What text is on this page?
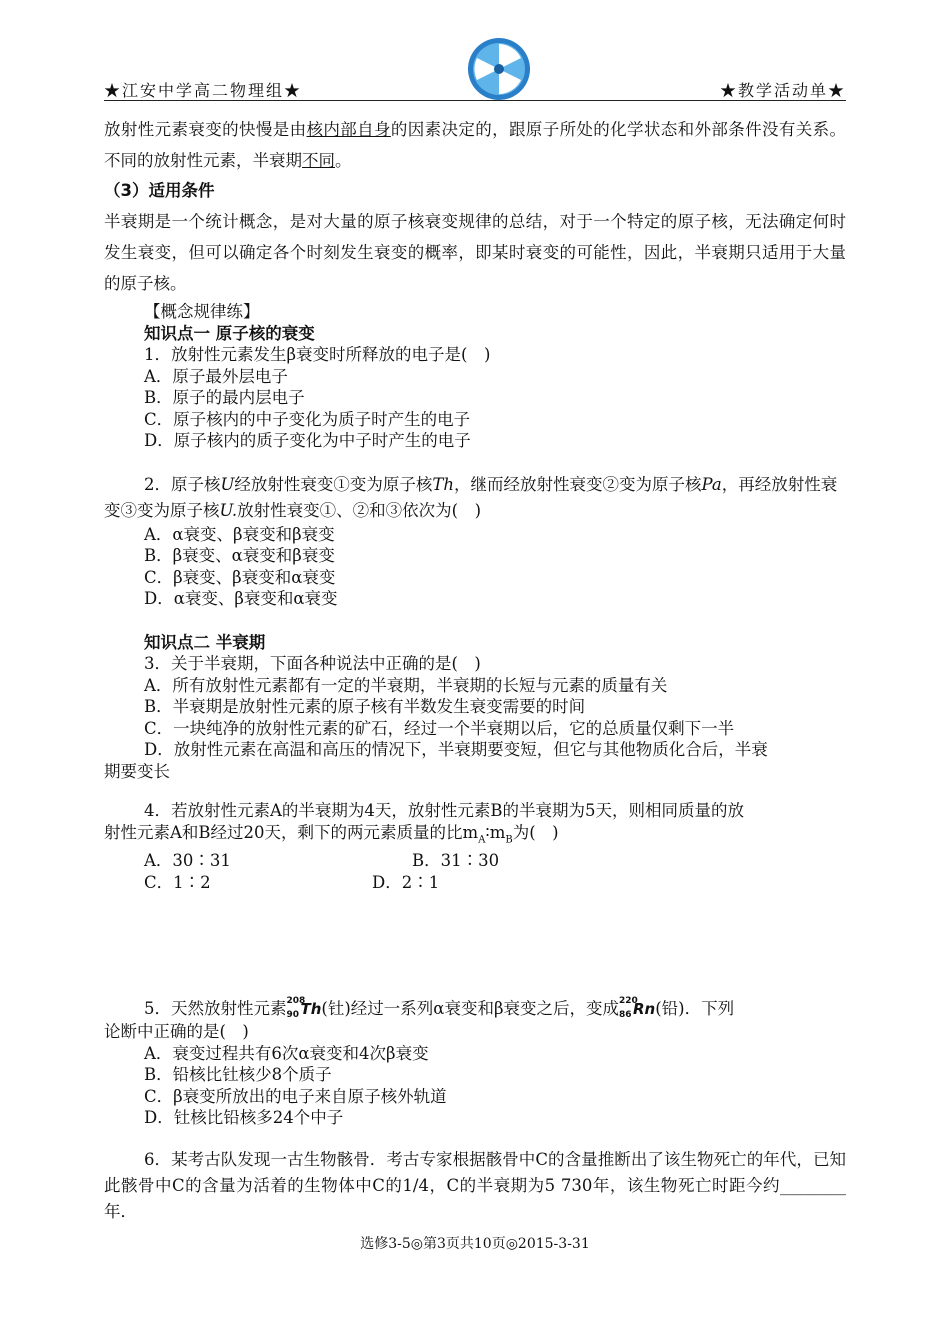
★江安中学高二物理组★	★教学活动单★

放射性元素衰变的快慢是由核内部自身的因素决定的，跟原子所处的化学状态和外部条件没有关系。不同的放射性元素，半衰期不同。

（3）适用条件

半衰期是一个统计概念，是对大量的原子核衰变规律的总结，对于一个特定的原子核，无法确定何时发生衰变，但可以确定各个时刻发生衰变的概率，即某时衰变的可能性，因此，半衰期只适用于大量的原子核。

【概念规律练】

知识点一 原子核的衰变

1．放射性元素发生β衰变时所释放的电子是(　)

A．原子最外层电子

B．原子的最内层电子

C．原子核内的中子变化为质子时产生的电子

D．原子核内的质子变化为中子时产生的电子

2．原子核U经放射性衰变①变为原子核Th，继而经放射性衰变②变为原子核Pa，再经放射性衰变③变为原子核U.放射性衰变①、②和③依次为(　)

A．α衰变、β衰变和β衰变

B．β衰变、α衰变和β衰变

C．β衰变、β衰变和α衰变

D．α衰变、β衰变和α衰变

知识点二 半衰期

3．关于半衰期，下面各种说法中正确的是(　)

A．所有放射性元素都有一定的半衰期，半衰期的长短与元素的质量有关

B．半衰期是放射性元素的原子核有半数发生衰变需要的时间

C．一块纯净的放射性元素的矿石，经过一个半衰期以后，它的总质量仅剩下一半

D．放射性元素在高温和高压的情况下，半衰期要变短，但它与其他物质化合后，半衰

期要变长

4．若放射性元素A的半衰期为4天，放射性元素B的半衰期为5天，则相同质量的放

射性元素A和B经过20天，剩下的两元素质量的比$m_A∶m_B$为(　)

A．30∶31	B．31∶30

C．1∶2	D．2∶1

5．天然放射性元素 208
90 Th(钍)经过一系列α衰变和β衰变之后，变成 220
86 Rn(铅)．下列

论断中正确的是(　)

A．衰变过程共有6次α衰变和4次β衰变

B．铅核比钍核少8个质子

C．β衰变所放出的电子来自原子核外轨道

D．钍核比铅核多24个中子

6．某考古队发现一古生物骸骨．考古专家根据骸骨中C的含量推断出了该生物死亡的年代，已知此骸骨中C的含量为活着的生物体中C的1/4，C的半衰期为5 730年，该生物死亡时距今约________年．

选修3-5◎第3页共10页◎2015-3-31
